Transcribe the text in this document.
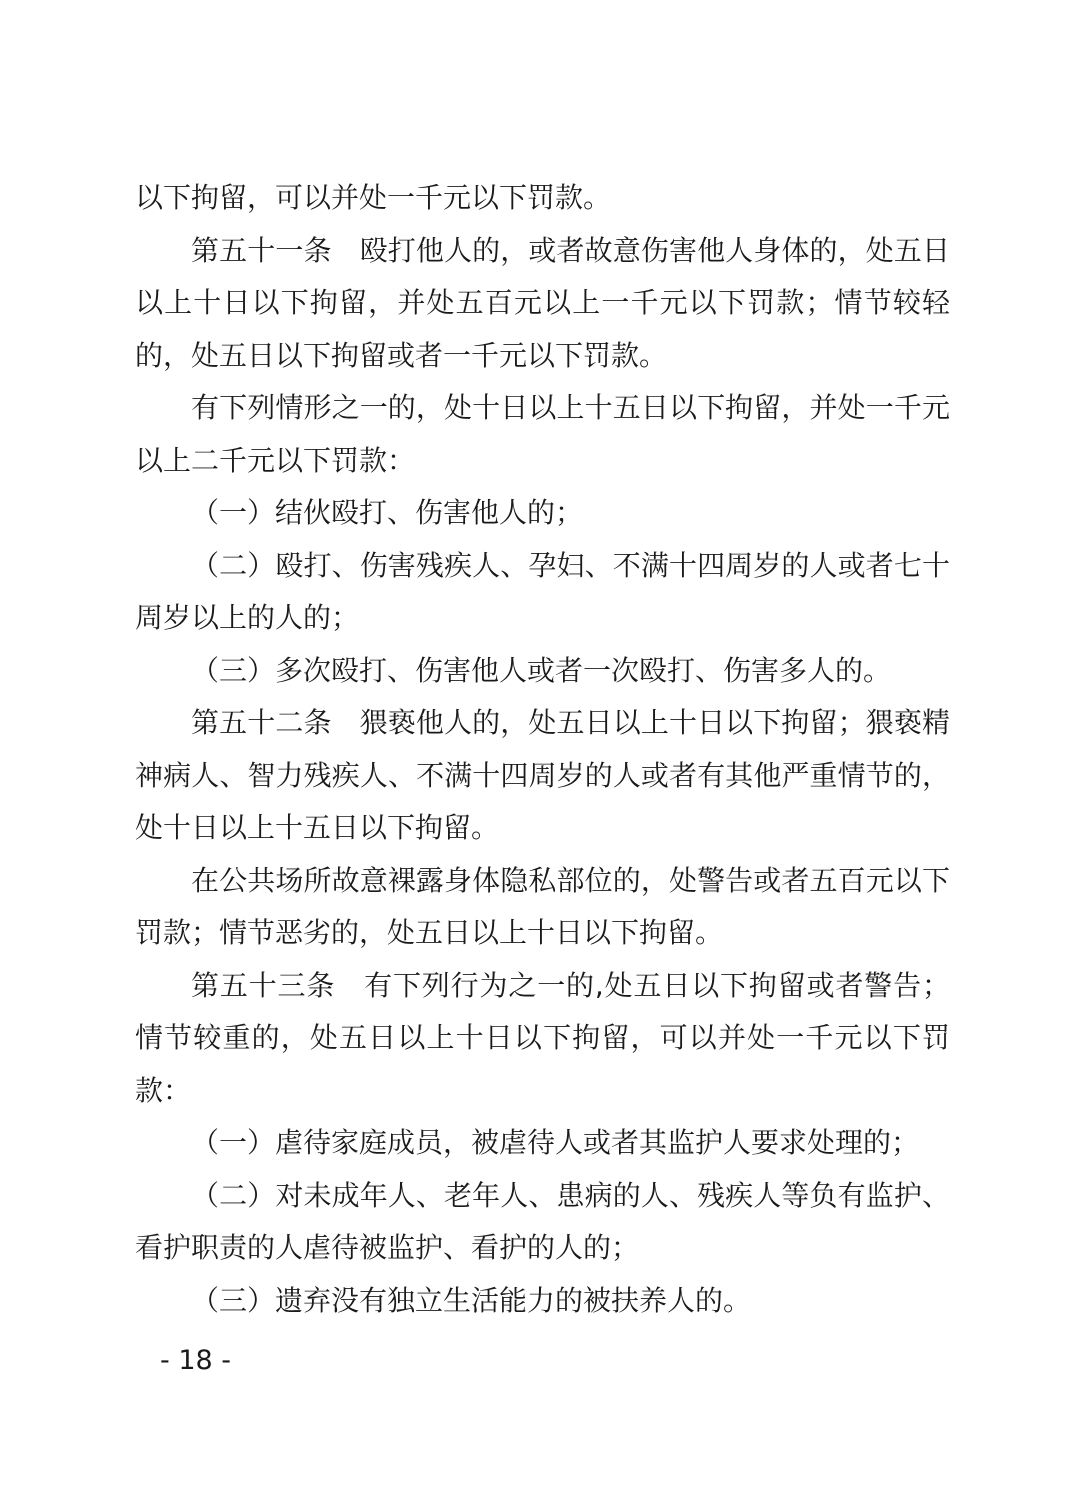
以下拘留，可以并处一千元以下罚款。

第五十一条　殴打他人的，或者故意伤害他人身体的，处五日以上十日以下拘留，并处五百元以上一千元以下罚款；情节较轻的，处五日以下拘留或者一千元以下罚款。

有下列情形之一的，处十日以上十五日以下拘留，并处一千元以上二千元以下罚款：

（一）结伙殴打、伤害他人的；

（二）殴打、伤害残疾人、孕妇、不满十四周岁的人或者七十周岁以上的人的；

（三）多次殴打、伤害他人或者一次殴打、伤害多人的。

第五十二条　猥亵他人的，处五日以上十日以下拘留；猥亵精神病人、智力残疾人、不满十四周岁的人或者有其他严重情节的，处十日以上十五日以下拘留。

在公共场所故意裸露身体隐私部位的，处警告或者五百元以下罚款；情节恶劣的，处五日以上十日以下拘留。

第五十三条　有下列行为之一的,处五日以下拘留或者警告；情节较重的，处五日以上十日以下拘留，可以并处一千元以下罚款：

（一）虐待家庭成员，被虐待人或者其监护人要求处理的；

（二）对未成年人、老年人、患病的人、残疾人等负有监护、看护职责的人虐待被监护、看护的人的；

（三）遗弃没有独立生活能力的被扶养人的。

- 18 -
